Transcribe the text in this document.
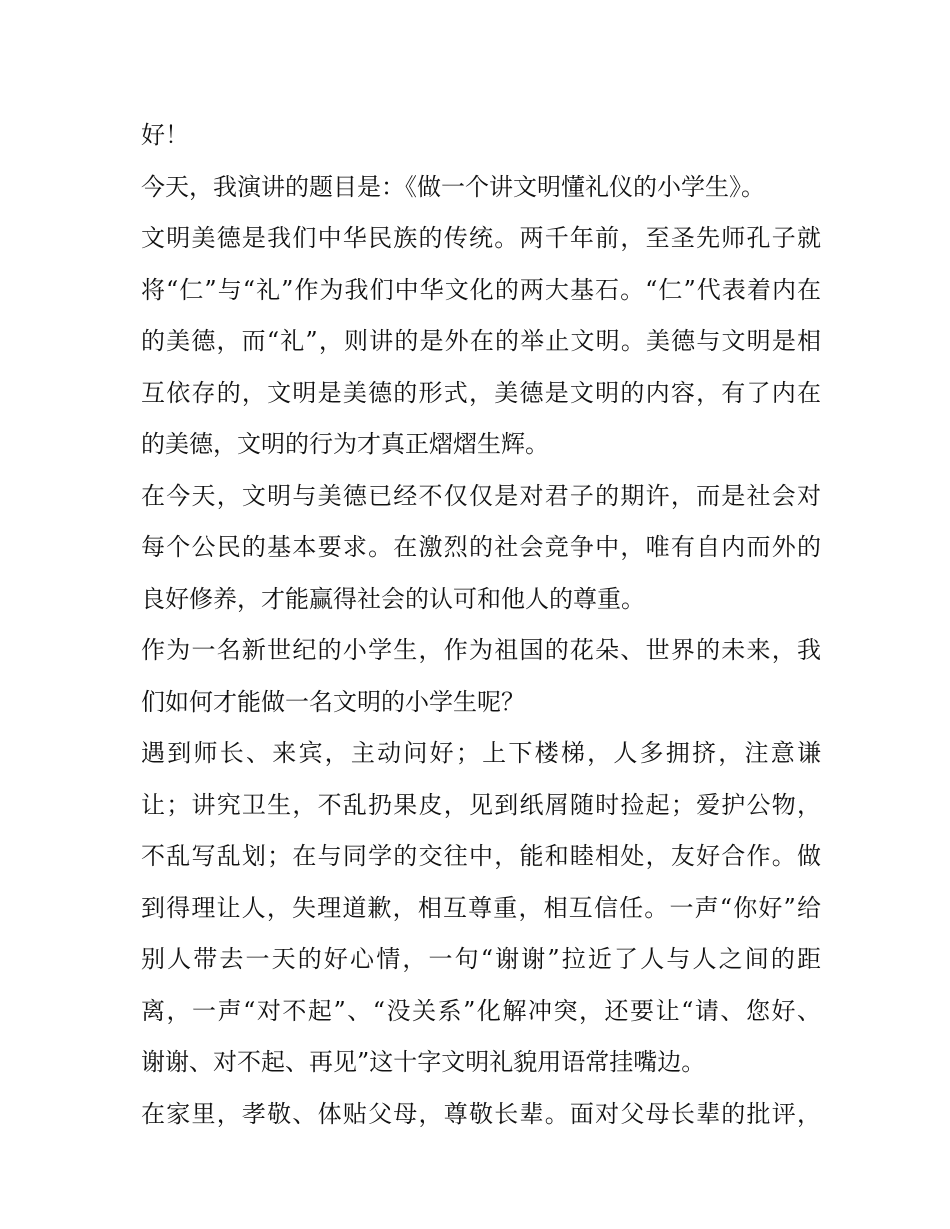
好！
今天，我演讲的题目是：《做一个讲文明懂礼仪的小学生》。
文明美德是我们中华民族的传统。两千年前，至圣先师孔子就
将“仁”与“礼”作为我们中华文化的两大基石。“仁”代表着内在
的美德，而“礼”，则讲的是外在的举止文明。美德与文明是相
互依存的，文明是美德的形式，美德是文明的内容，有了内在
的美德，文明的行为才真正熠熠生辉。
在今天，文明与美德已经不仅仅是对君子的期许，而是社会对
每个公民的基本要求。在激烈的社会竞争中，唯有自内而外的
良好修养，才能赢得社会的认可和他人的尊重。
作为一名新世纪的小学生，作为祖国的花朵、世界的未来，我
们如何才能做一名文明的小学生呢？
遇到师长、来宾，主动问好；上下楼梯，人多拥挤，注意谦
让；讲究卫生，不乱扔果皮，见到纸屑随时捡起；爱护公物，
不乱写乱划；在与同学的交往中，能和睦相处，友好合作。做
到得理让人，失理道歉，相互尊重，相互信任。一声“你好”给
别人带去一天的好心情，一句“谢谢”拉近了人与人之间的距
离，一声“对不起”、“没关系”化解冲突，还要让“请、您好、
谢谢、对不起、再见”这十字文明礼貌用语常挂嘴边。
在家里，孝敬、体贴父母，尊敬长辈。面对父母长辈的批评，
